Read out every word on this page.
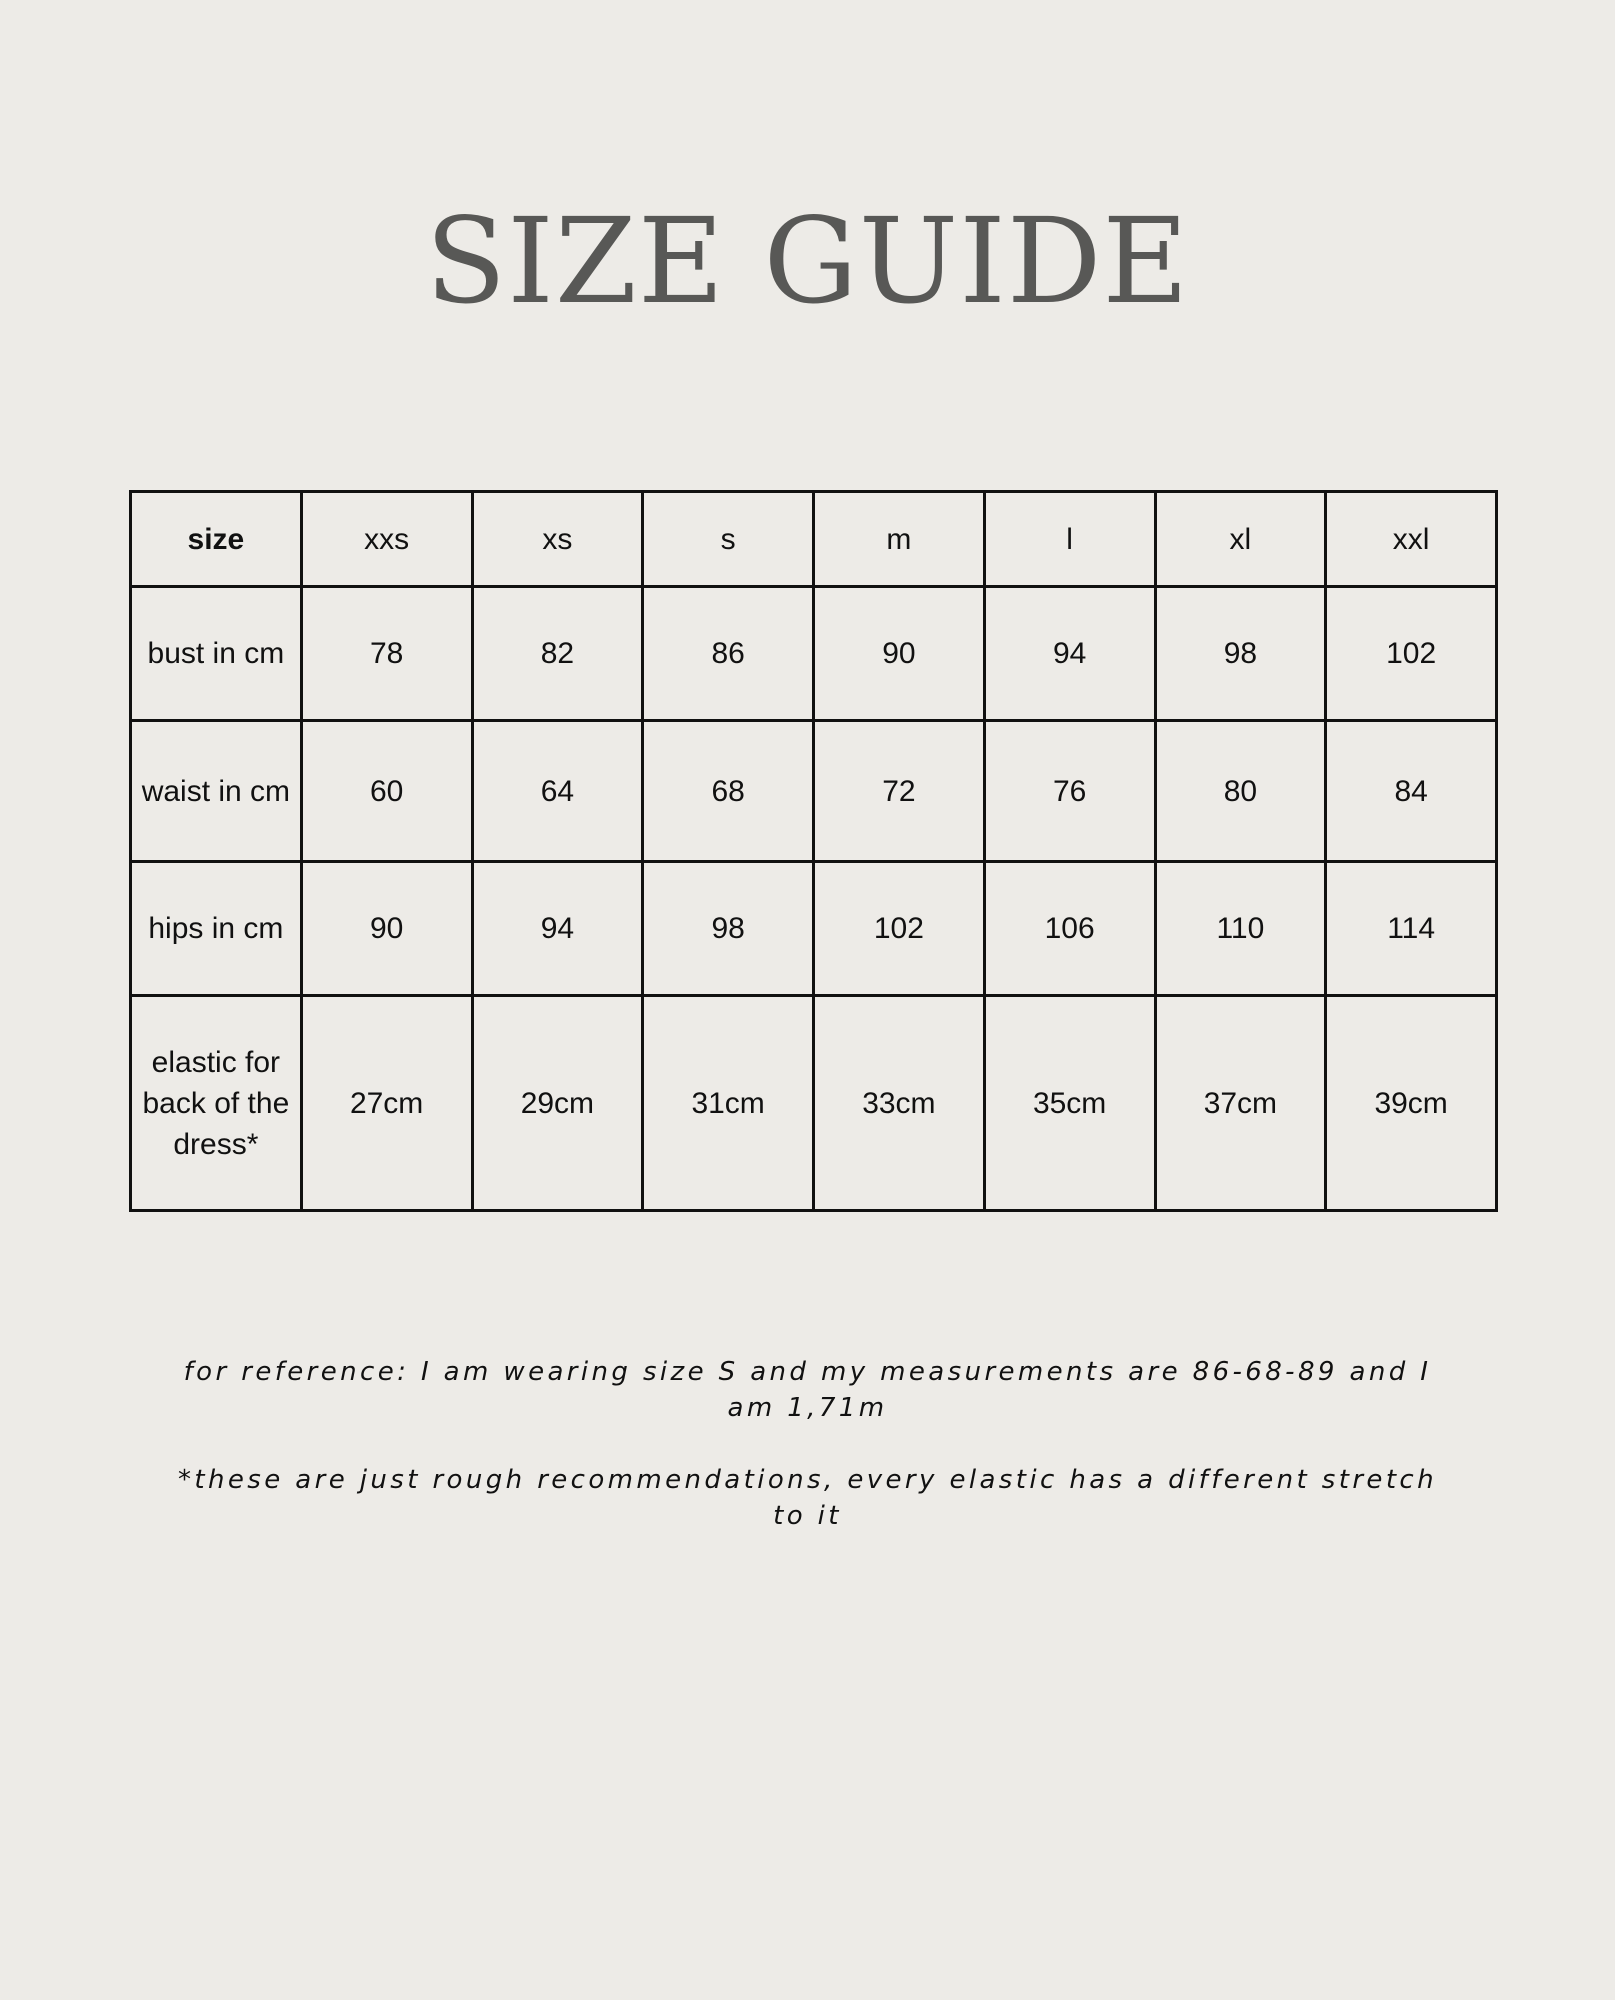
SIZE GUIDE
size	xxs	xs	s	m	l	xl	xxl
bust in cm	78	82	86	90	94	98	102
waist in cm	60	64	68	72	76	80	84
hips in cm	90	94	98	102	106	110	114
elastic for back of the dress*	27cm	29cm	31cm	33cm	35cm	37cm	39cm

for reference: I am wearing size S and my measurements are 86-68-89 and I am 1,71m

*these are just rough recommendations, every elastic has a different stretch to it
